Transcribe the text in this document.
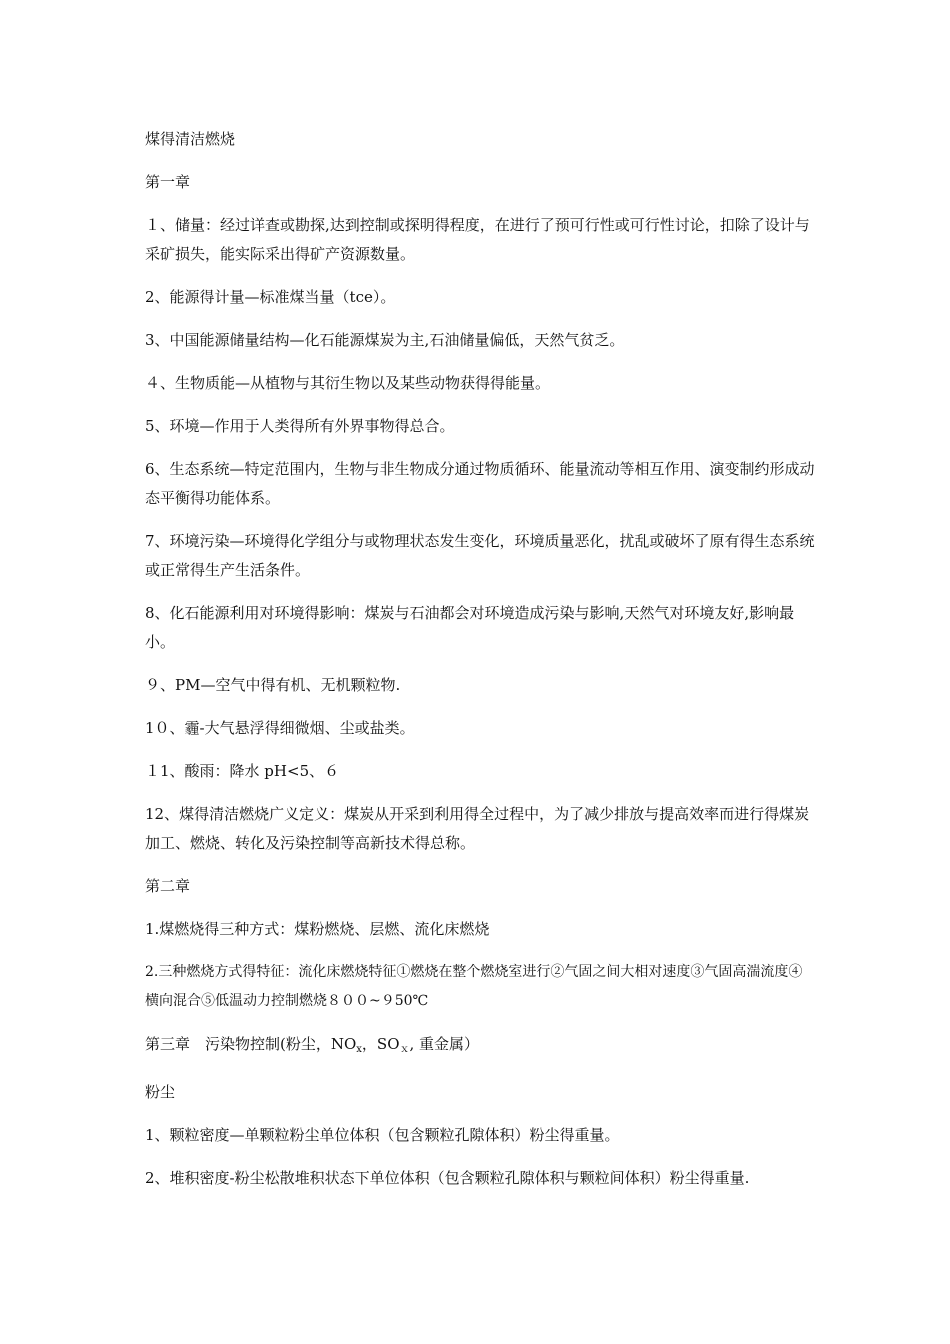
煤得清洁燃烧

第一章

１、储量：经过详查或勘探,达到控制或探明得程度，在进行了预可行性或可行性讨论，扣除了设计与采矿损失，能实际采出得矿产资源数量。

2、能源得计量—标准煤当量（tce）。

3、中国能源储量结构—化石能源煤炭为主,石油储量偏低，天然气贫乏。

４、生物质能—从植物与其衍生物以及某些动物获得得能量。

5、环境—作用于人类得所有外界事物得总合。

6、生态系统—特定范围内，生物与非生物成分通过物质循环、能量流动等相互作用、演变制约形成动态平衡得功能体系。

7、环境污染—环境得化学组分与或物理状态发生变化，环境质量恶化，扰乱或破坏了原有得生态系统或正常得生产生活条件。

8、化石能源利用对环境得影响：煤炭与石油都会对环境造成污染与影响,天然气对环境友好,影响最小。

９、PM—空气中得有机、无机颗粒物.

1０、霾-大气悬浮得细微烟、尘或盐类。

１1、酸雨：降水 pH<5、６

12、煤得清洁燃烧广义定义：煤炭从开采到利用得全过程中，为了减少排放与提高效率而进行得煤炭加工、燃烧、转化及污染控制等高新技术得总称。

第二章

1.煤燃烧得三种方式：煤粉燃烧、层燃、流化床燃烧

2.三种燃烧方式得特征：流化床燃烧特征①燃烧在整个燃烧室进行②气固之间大相对速度③气固高湍流度④横向混合⑤低温动力控制燃烧８００~９50℃

第三章　污染物控制(粉尘，$NO_x$，$SO_x$, 重金属）

粉尘

1、颗粒密度—单颗粒粉尘单位体积（包含颗粒孔隙体积）粉尘得重量。

2、堆积密度-粉尘松散堆积状态下单位体积（包含颗粒孔隙体积与颗粒间体积）粉尘得重量.
